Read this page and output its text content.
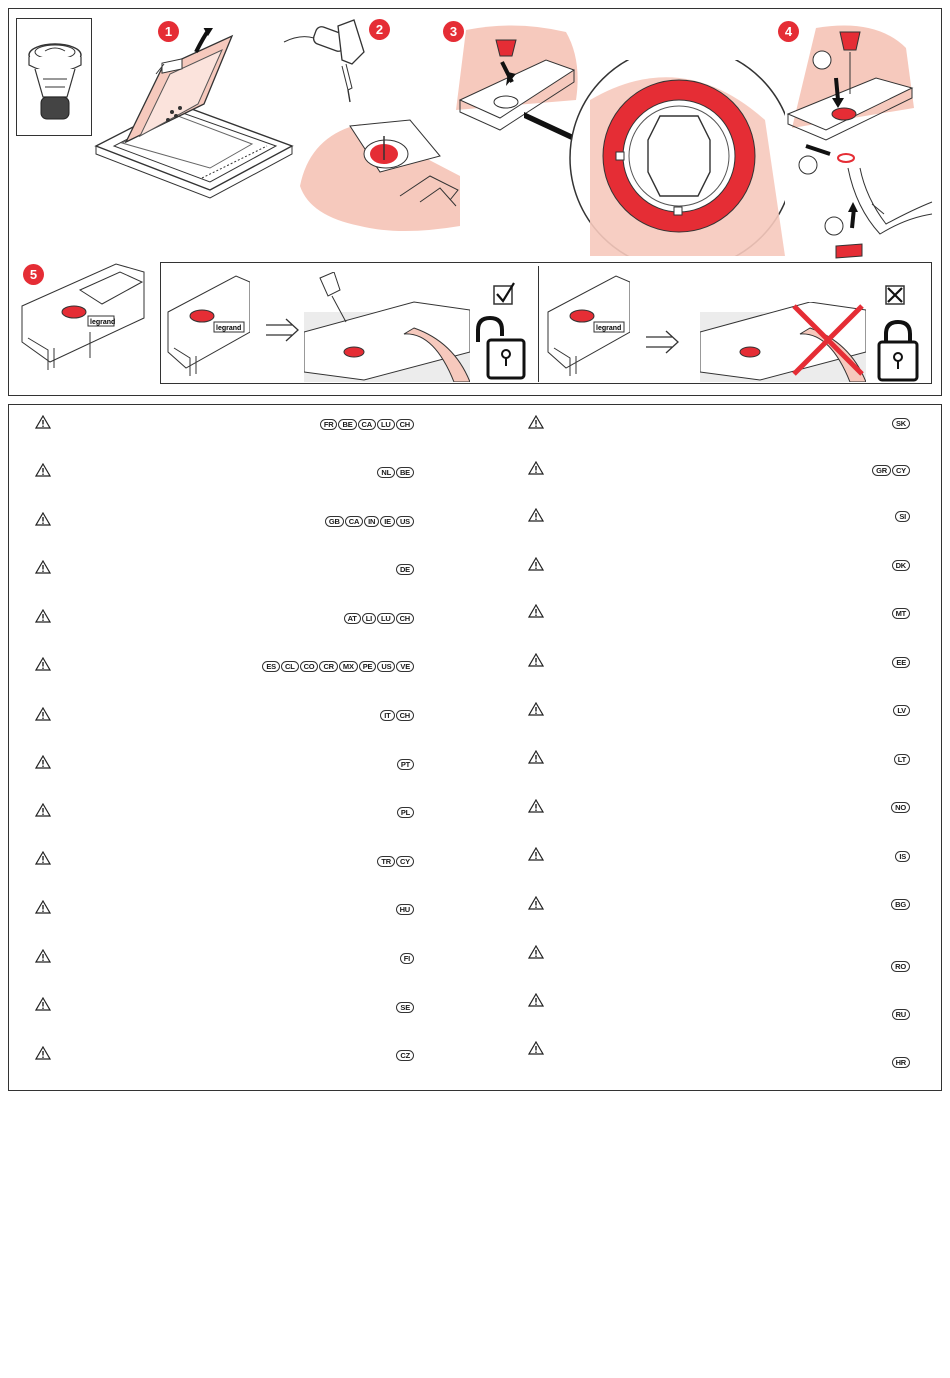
1	2	3	4
5
legrand
legrand	legrand
FR	BE	CA	LU	CH
NL	BE
GB	CA	IN	IE	US
DE
AT	LI	LU	CH
ES	CL	CO	CR	MX	PE	US	VE
IT	CH
PT
PL
TR	CY
HU
FI
SE
CZ
SK
GR	CY
SI
DK
MT
EE
LV
LT
NO
IS
BG
RO
RU
HR
